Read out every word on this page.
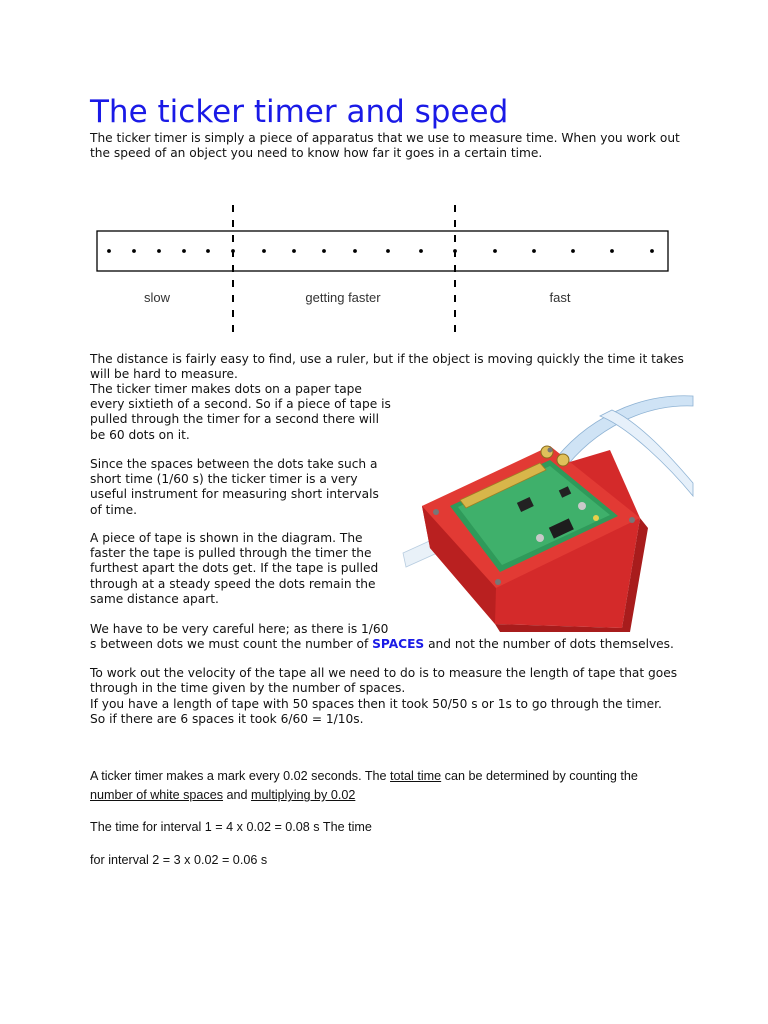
The ticker timer and speed

The ticker timer is simply a piece of apparatus that we use to measure time. When you work out the speed of an object you need to know how far it goes in a certain time.

slow	getting faster	fast

The distance is fairly easy to find, use a ruler, but if the object is moving quickly the time it takes will be hard to measure.

The ticker timer makes dots on a paper tape every sixtieth of a second. So if a piece of tape is pulled through the timer for a second there will be 60 dots on it.

Since the spaces between the dots take such a short time (1/60 s) the ticker timer is a very useful instrument for measuring short intervals of time.

A piece of tape is shown in the diagram. The faster the tape is pulled through the timer the furthest apart the dots get. If the tape is pulled through at a steady speed the dots remain the same distance apart.

We have to be very careful here; as there is 1/60

s between dots we must count the number of SPACES and not the number of dots themselves.

To work out the velocity of the tape all we need to do is to measure the length of tape that goes

through in the time given by the number of spaces.

If you have a length of tape with 50 spaces then it took 50/50 s or 1s to go through the timer.

So if there are 6 spaces it took 6/60 = 1/10s.

A ticker timer makes a mark every 0.02 seconds. The total time can be determined by counting the

number of white spaces and multiplying by 0.02

The time for interval 1 = 4 x 0.02 = 0.08 s The time

for interval 2 = 3 x 0.02 = 0.06 s
